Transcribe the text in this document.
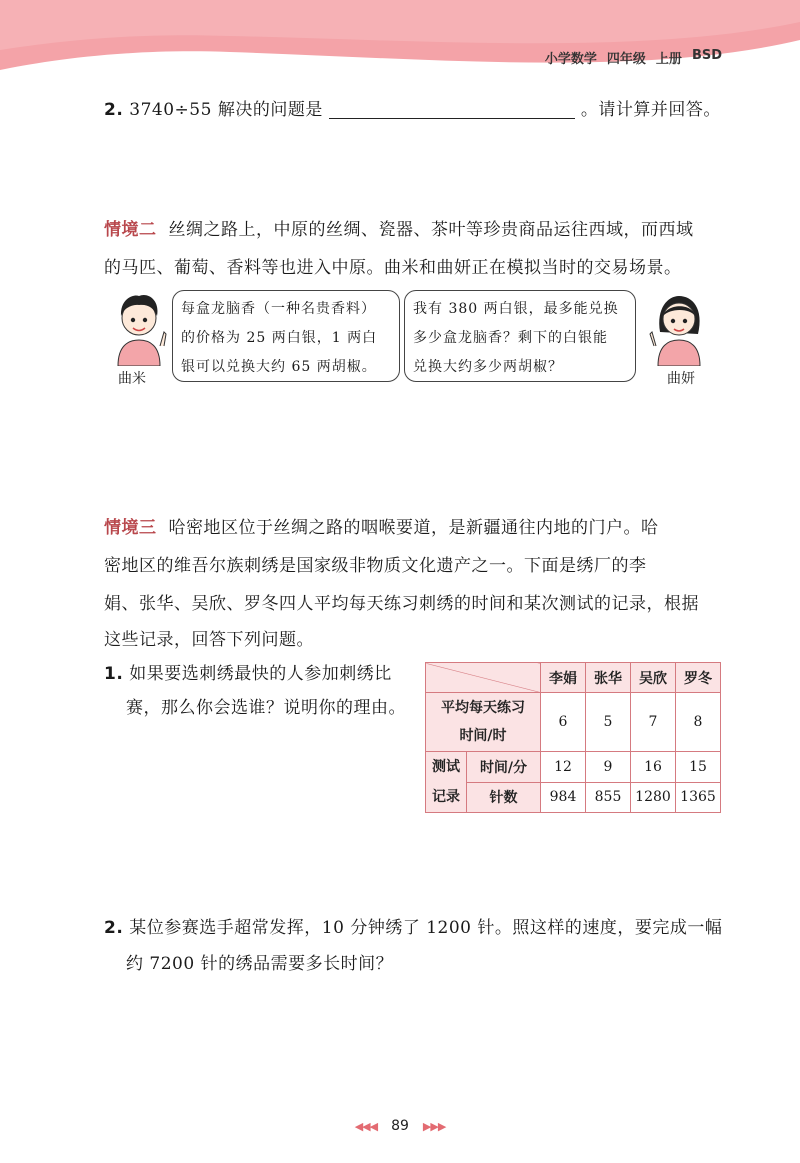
小学数学 四年级 上册 BSD
2. 3740÷55 解决的问题是	。请计算并回答。
情境二 丝绸之路上，中原的丝绸、瓷器、茶叶等珍贵商品运往西域，而西域
的马匹、葡萄、香料等也进入中原。曲米和曲妍正在模拟当时的交易场景。
曲米
每盒龙脑香（一种名贵香料）
的价格为 25 两白银，1 两白
银可以兑换大约 65 两胡椒。
我有 380 两白银，最多能兑换
多少盒龙脑香？剩下的白银能
兑换大约多少两胡椒？
曲妍
情境三 哈密地区位于丝绸之路的咽喉要道，是新疆通往内地的门户。哈
密地区的维吾尔族刺绣是国家级非物质文化遗产之一。下面是绣厂的李
娟、张华、吴欣、罗冬四人平均每天练习刺绣的时间和某次测试的记录，根据
这些记录，回答下列问题。
1. 如果要选刺绣最快的人参加刺绣比
赛，那么你会选谁？说明你的理由。
		李娟	张华	吴欣	罗冬

平均每天练习
时间/时		6	5	7	8

测试
记录	时间/分	12	9	16	15
	针数	984	855	1280	1365
2. 某位参赛选手超常发挥，10 分钟绣了 1200 针。照这样的速度，要完成一幅
约 7200 针的绣品需要多长时间？
◀◀◀ 89 ▶▶▶
